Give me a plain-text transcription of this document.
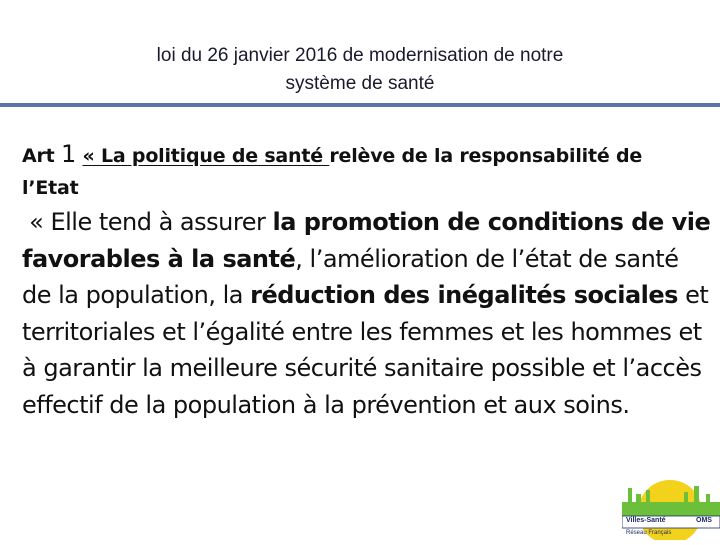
loi du 26 janvier 2016 de modernisation de notre
système de santé
Art 1 « La politique de santé relève de la responsabilité de
l’Etat
« Elle tend à assurer la promotion de conditions de vie favorables à la santé, l’amélioration de l’état de santé de la population, la réduction des inégalités sociales et territoriales et l’égalité entre les femmes et les hommes et à garantir la meilleure sécurité sanitaire possible et l’accès effectif de la population à la prévention et aux soins.
Villes-Santé	OMS
Réseau Français
